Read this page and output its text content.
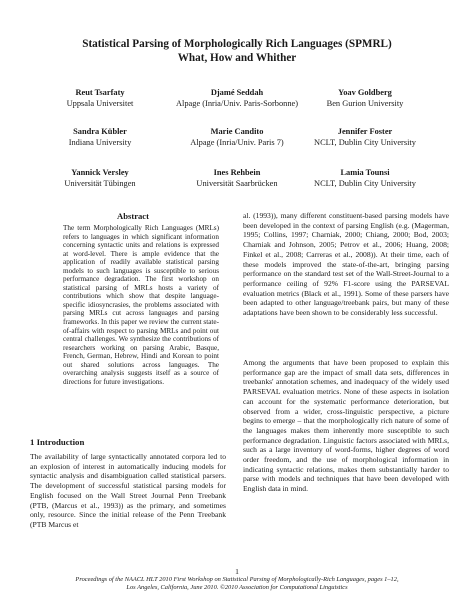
Statistical Parsing of Morphologically Rich Languages (SPMRL)
What, How and Whither
Reut Tsarfaty
Uppsala Universitet
Djamé Seddah
Alpage (Inria/Univ. Paris-Sorbonne)
Yoav Goldberg
Ben Gurion University
Sandra Kübler
Indiana University
Marie Candito
Alpage (Inria/Univ. Paris 7)
Jennifer Foster
NCLT, Dublin City University
Yannick Versley
Universität Tübingen
Ines Rehbein
Universität Saarbrücken
Lamia Tounsi
NCLT, Dublin City University
Abstract
The term Morphologically Rich Languages (MRLs) refers to languages in which significant information concerning syntactic units and relations is expressed at word-level. There is ample evidence that the application of readily available statistical parsing models to such languages is susceptible to serious performance degradation. The first workshop on statistical parsing of MRLs hosts a variety of contributions which show that despite language-specific idiosyncrasies, the problems associated with parsing MRLs cut across languages and parsing frameworks. In this paper we review the current state-of-affairs with respect to parsing MRLs and point out central challenges. We synthesize the contributions of researchers working on parsing Arabic, Basque, French, German, Hebrew, Hindi and Korean to point out shared solutions across languages. The overarching analysis suggests itself as a source of directions for future investigations.
1 Introduction
The availability of large syntactically annotated corpora led to an explosion of interest in automatically inducing models for syntactic analysis and disambiguation called statistical parsers. The development of successful statistical parsing models for English focused on the Wall Street Journal Penn Treebank (PTB, (Marcus et al., 1993)) as the primary, and sometimes only, resource. Since the initial release of the Penn Treebank (PTB Marcus et
al. (1993)), many different constituent-based parsing models have been developed in the context of parsing English (e.g. (Magerman, 1995; Collins, 1997; Charniak, 2000; Chiang, 2000; Bod, 2003; Charniak and Johnson, 2005; Petrov et al., 2006; Huang, 2008; Finkel et al., 2008; Carreras et al., 2008)). At their time, each of these models improved the state-of-the-art, bringing parsing performance on the standard test set of the Wall-Street-Journal to a performance ceiling of 92% F1-score using the PARSEVAL evaluation metrics (Black et al., 1991). Some of these parsers have been adapted to other language/treebank pairs, but many of these adaptations have been shown to be considerably less successful.
Among the arguments that have been proposed to explain this performance gap are the impact of small data sets, differences in treebanks' annotation schemes, and inadequacy of the widely used PARSEVAL evaluation metrics. None of these aspects in isolation can account for the systematic performance deterioration, but observed from a wider, cross-linguistic perspective, a picture begins to emerge – that the morphologically rich nature of some of the languages makes them inherently more susceptible to such performance degradation. Linguistic factors associated with MRLs, such as a large inventory of word-forms, higher degrees of word order freedom, and the use of morphological information in indicating syntactic relations, makes them substantially harder to parse with models and techniques that have been developed with English data in mind.
1
Proceedings of the NAACL HLT 2010 First Workshop on Statistical Parsing of Morphologically-Rich Languages, pages 1–12,
Los Angeles, California, June 2010. ©2010 Association for Computational Linguistics
